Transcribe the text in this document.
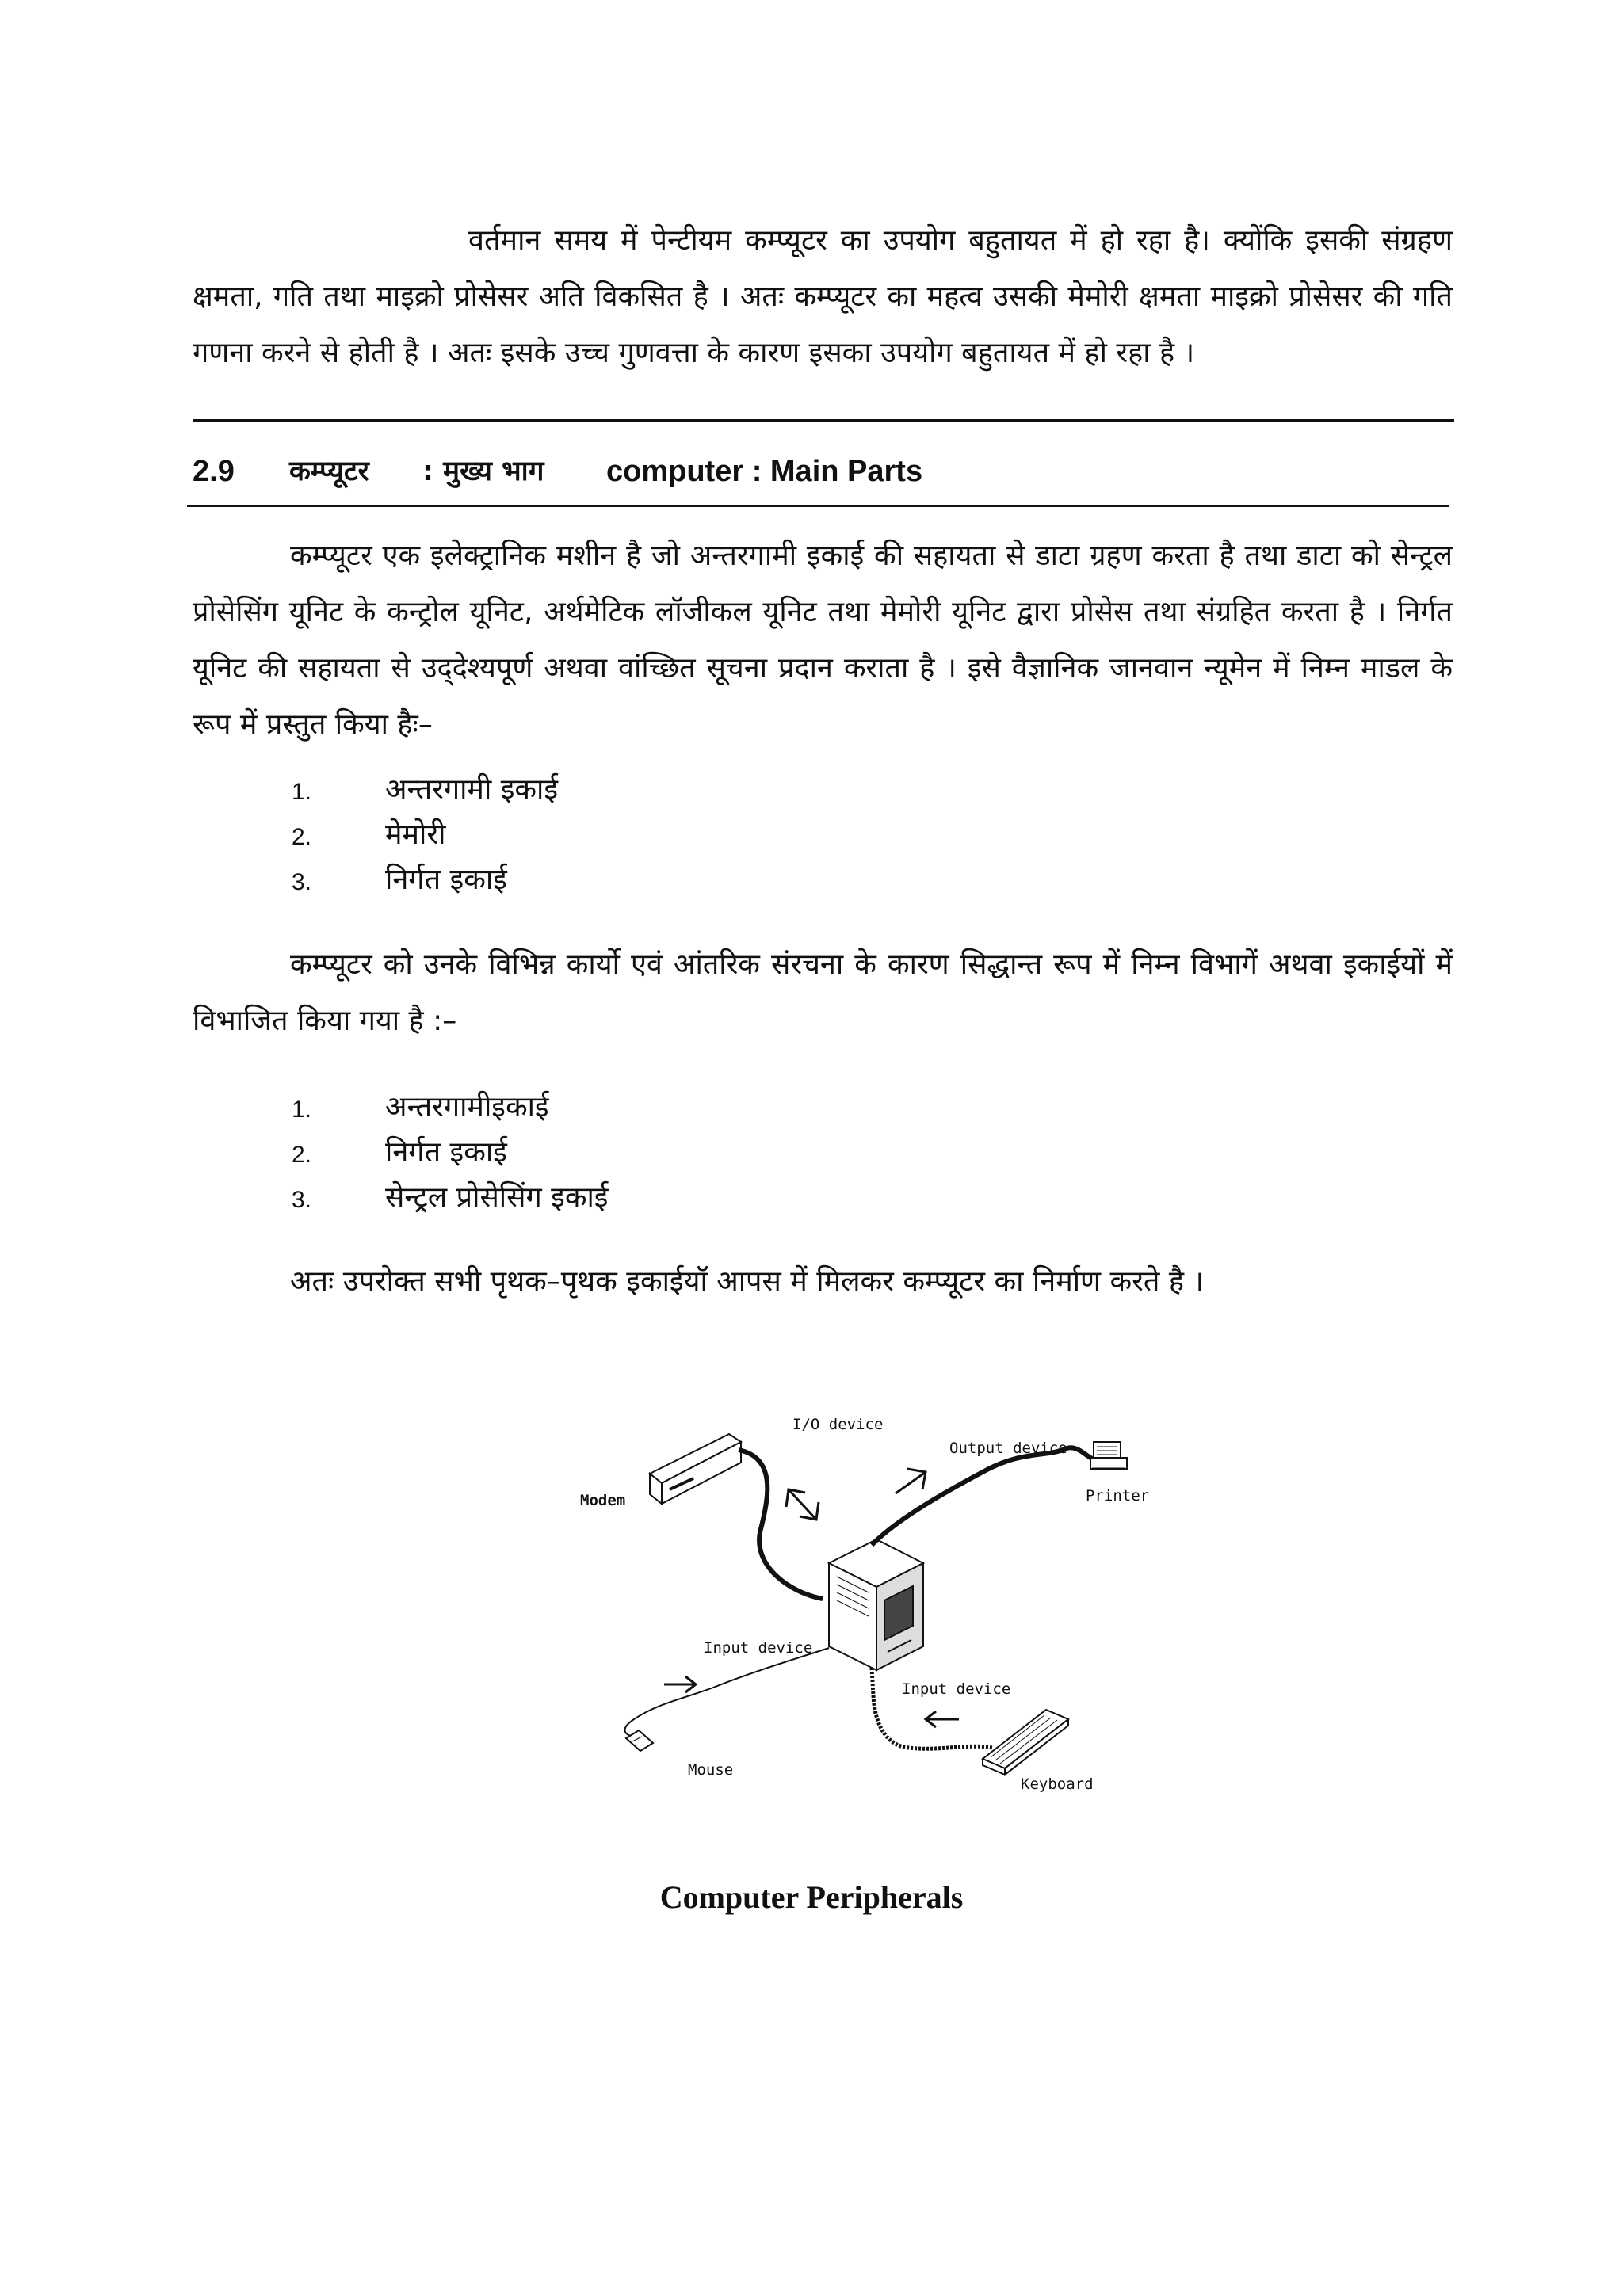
वर्तमान समय में पेन्टीयम कम्प्यूटर का उपयोग बहुतायत में हो रहा है। क्योंकि इसकी संग्रहण क्षमता, गति तथा माइक्रो प्रोसेसर अति विकसित है । अतः कम्प्यूटर का महत्व उसकी मेमोरी क्षमता माइक्रो प्रोसेसर की गति गणना करने से होती है । अतः इसके उच्च गुणवत्ता के कारण इसका उपयोग बहुतायत में हो रहा है ।

2.9 कम्प्यूटर : मुख्य भाग computer : Main Parts

कम्प्यूटर एक इलेक्ट्रानिक मशीन है जो अन्तरगामी इकाई की सहायता से डाटा ग्रहण करता है तथा डाटा को सेन्ट्रल प्रोसेसिंग यूनिट के कन्ट्रोल यूनिट, अर्थमेटिक लॉजीकल यूनिट तथा मेमोरी यूनिट द्वारा प्रोसेस तथा संग्रहित करता है । निर्गत यूनिट की सहायता से उद्‌देश्यपूर्ण अथवा वांच्छित सूचना प्रदान कराता है । इसे वैज्ञानिक जानवान न्यूमेन में निम्न माडल के रूप में प्रस्तुत किया हैः–

1.	अन्तरगामी इकाई
2.	मेमोरी
3.	निर्गत इकाई

कम्प्यूटर को उनके विभिन्न कार्यो एवं आंतरिक संरचना के कारण सिद्धान्त रूप में निम्न विभागें अथवा इकाईयों में विभाजित किया गया है :–

1.	अन्तरगामीइकाई
2.	निर्गत इकाई
3.	सेन्ट्रल प्रोसेसिंग इकाई

अतः उपरोक्त सभी पृथक–पृथक इकाईयॉ आपस में मिलकर कम्प्यूटर का निर्माण करते है ।

I/O device
Output device
Modem	Printer
Input device
Input device
Mouse
Keyboard
Computer Peripherals
